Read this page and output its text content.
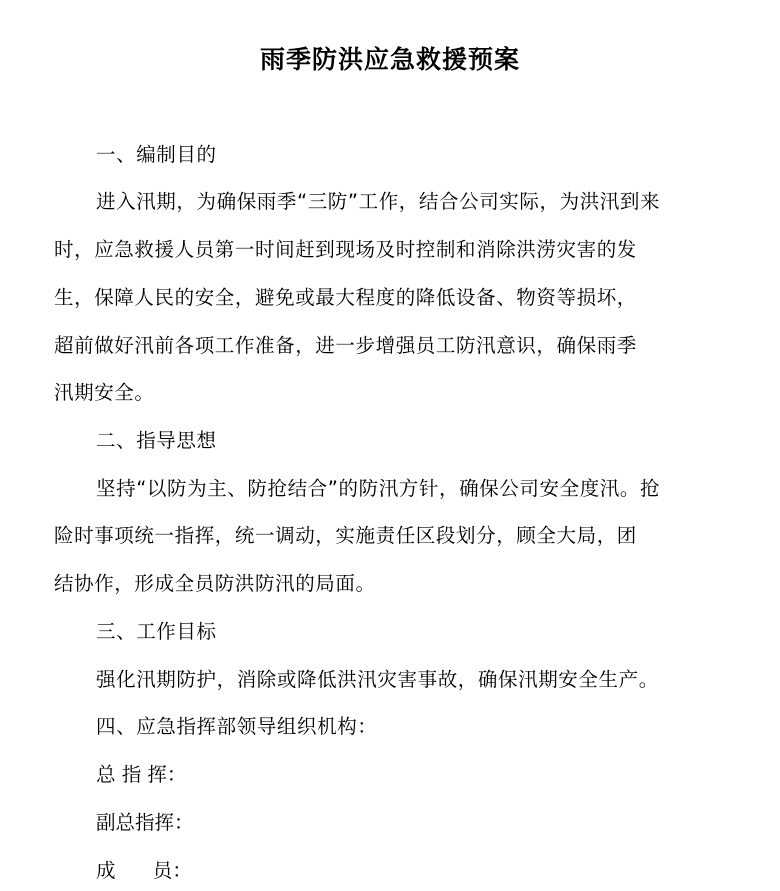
雨季防洪应急救援预案
一、编制目的
进入汛期，为确保雨季“三防”工作，结合公司实际，为洪汛到来
时，应急救援人员第一时间赶到现场及时控制和消除洪涝灾害的发
生，保障人民的安全，避免或最大程度的降低设备、物资等损坏，
超前做好汛前各项工作准备，进一步增强员工防汛意识，确保雨季
汛期安全。
二、指导思想
坚持“以防为主、防抢结合”的防汛方针，确保公司安全度汛。抢
险时事项统一指挥，统一调动，实施责任区段划分，顾全大局，团
结协作，形成全员防洪防汛的局面。
三、工作目标
强化汛期防护，消除或降低洪汛灾害事故，确保汛期安全生产。
四、应急指挥部领导组织机构：
总 指 挥：
副总指挥：
成      员：
